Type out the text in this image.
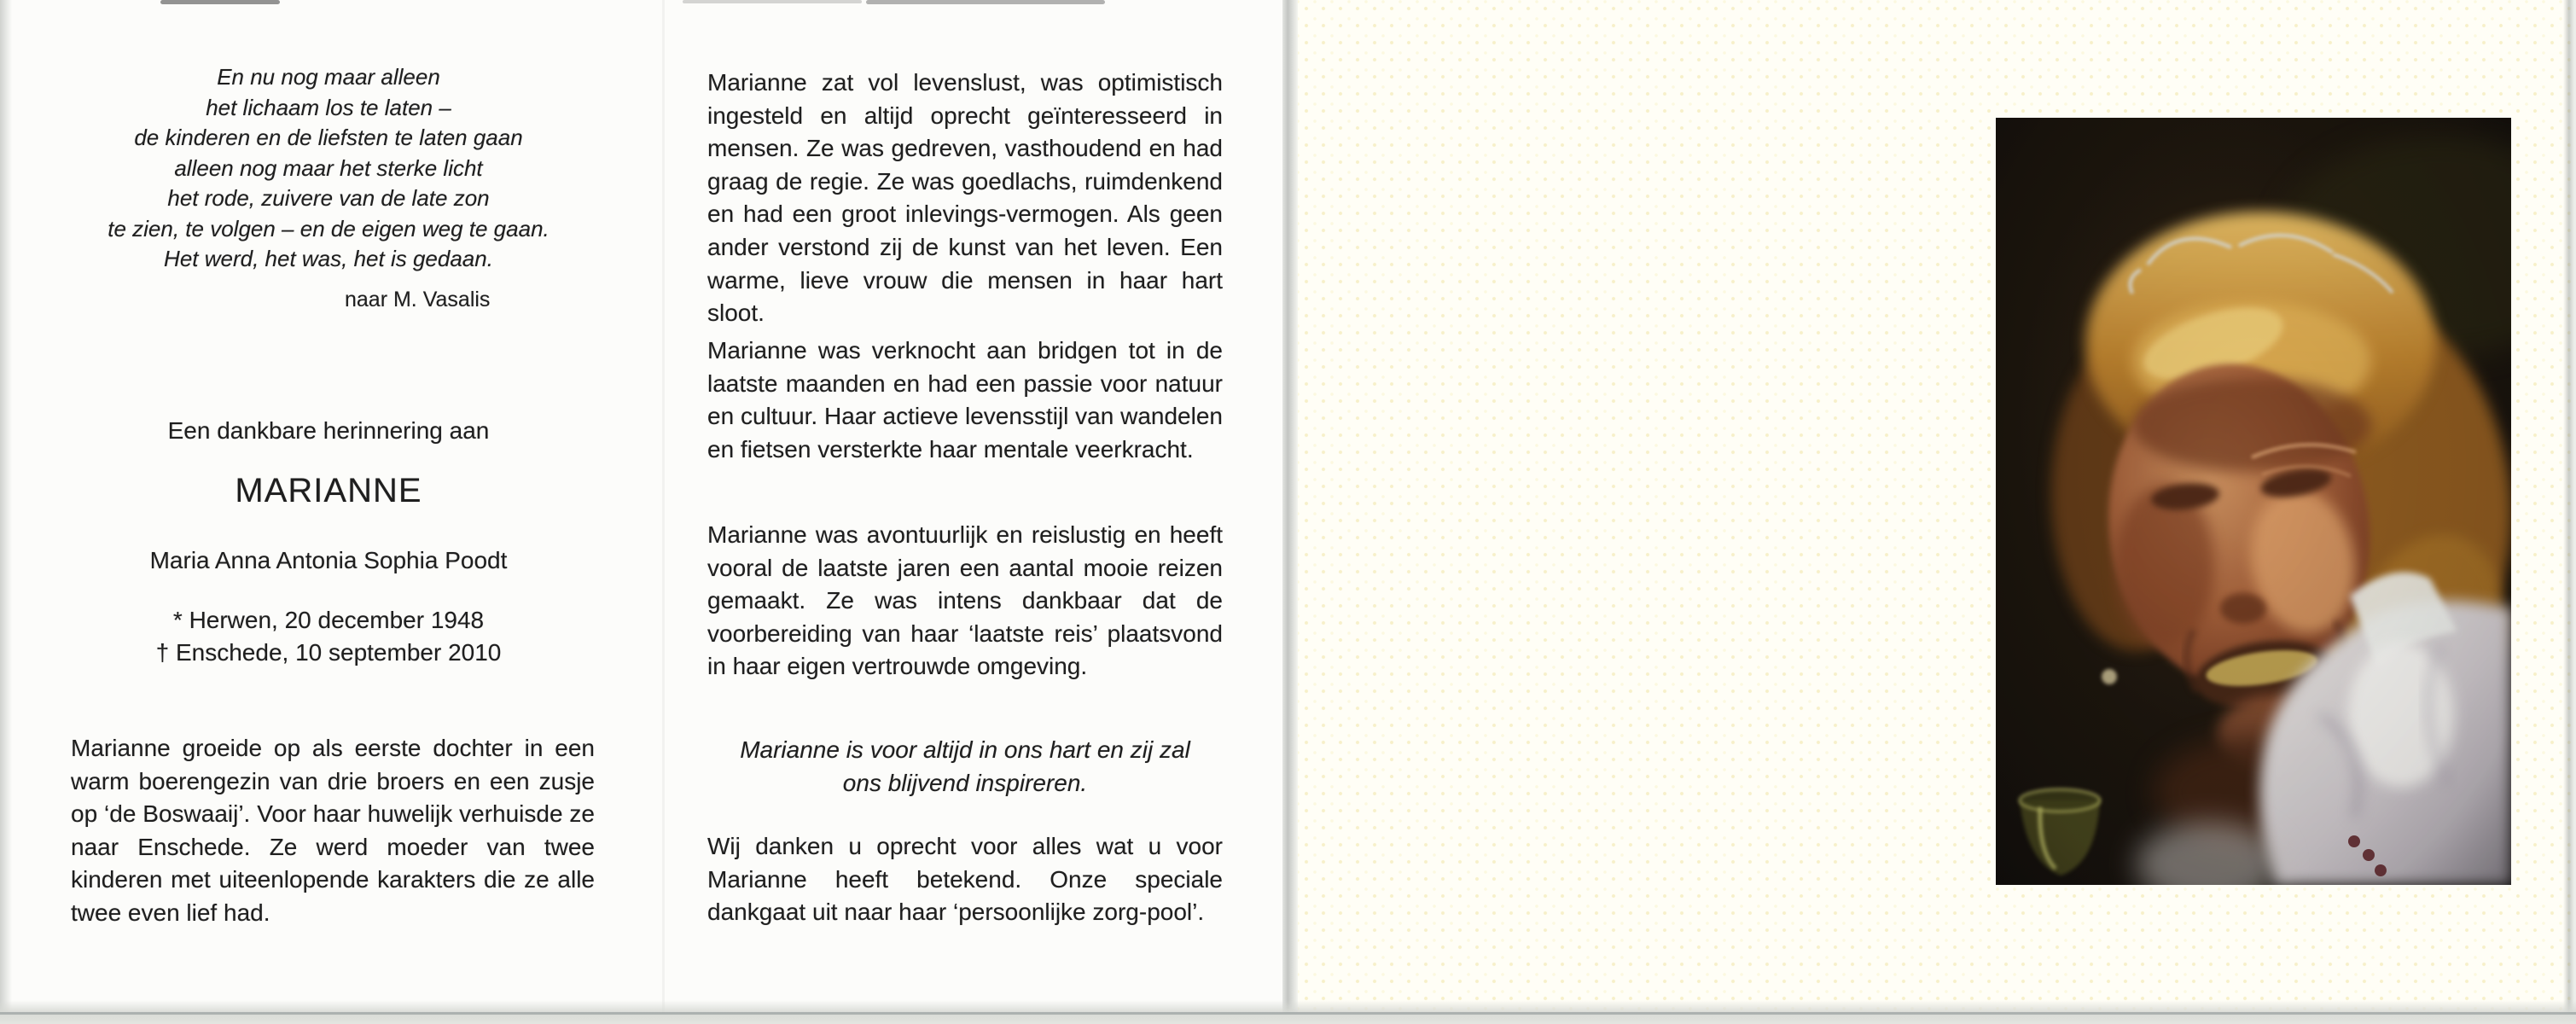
En nu nog maar alleen
het lichaam los te laten –
de kinderen en de liefsten te laten gaan
alleen nog maar het sterke licht
het rode, zuivere van de late zon
te zien, te volgen – en de eigen weg te gaan.
Het werd, het was, het is gedaan.
naar M. Vasalis
Een dankbare herinnering aan
MARIANNE
Maria Anna Antonia Sophia Poodt
* Herwen, 20 december 1948
† Enschede, 10 september 2010
Marianne groeide op als eerste dochter in een warm boerengezin van drie broers en een zusje op ‘de Boswaaij’. Voor haar huwelijk verhuisde ze naar Enschede. Ze werd moeder van twee kinderen met uiteenlopende karakters die ze alle twee even lief had.
Marianne zat vol levenslust, was optimistisch ingesteld en altijd oprecht geïnteresseerd in mensen. Ze was gedreven, vasthoudend en had graag de regie. Ze was goedlachs, ruimdenkend en had een groot inlevings-vermogen. Als geen ander verstond zij de kunst van het leven. Een warme, lieve vrouw die mensen in haar hart sloot.
Marianne was verknocht aan bridgen tot in de laatste maanden en had een passie voor natuur en cultuur. Haar actieve levensstijl van wandelen en fietsen versterkte haar mentale veerkracht.
Marianne was avontuurlijk en reislustig en heeft vooral de laatste jaren een aantal mooie reizen gemaakt. Ze was intens dankbaar dat de voorbereiding van haar ‘laatste reis’ plaatsvond in haar eigen vertrouwde omgeving.
Marianne is voor altijd in ons hart en zij zal
ons blijvend inspireren.
Wij danken u oprecht voor alles wat u voor Marianne heeft betekend. Onze speciale dankgaat uit naar haar ‘persoonlijke zorg-pool’.
